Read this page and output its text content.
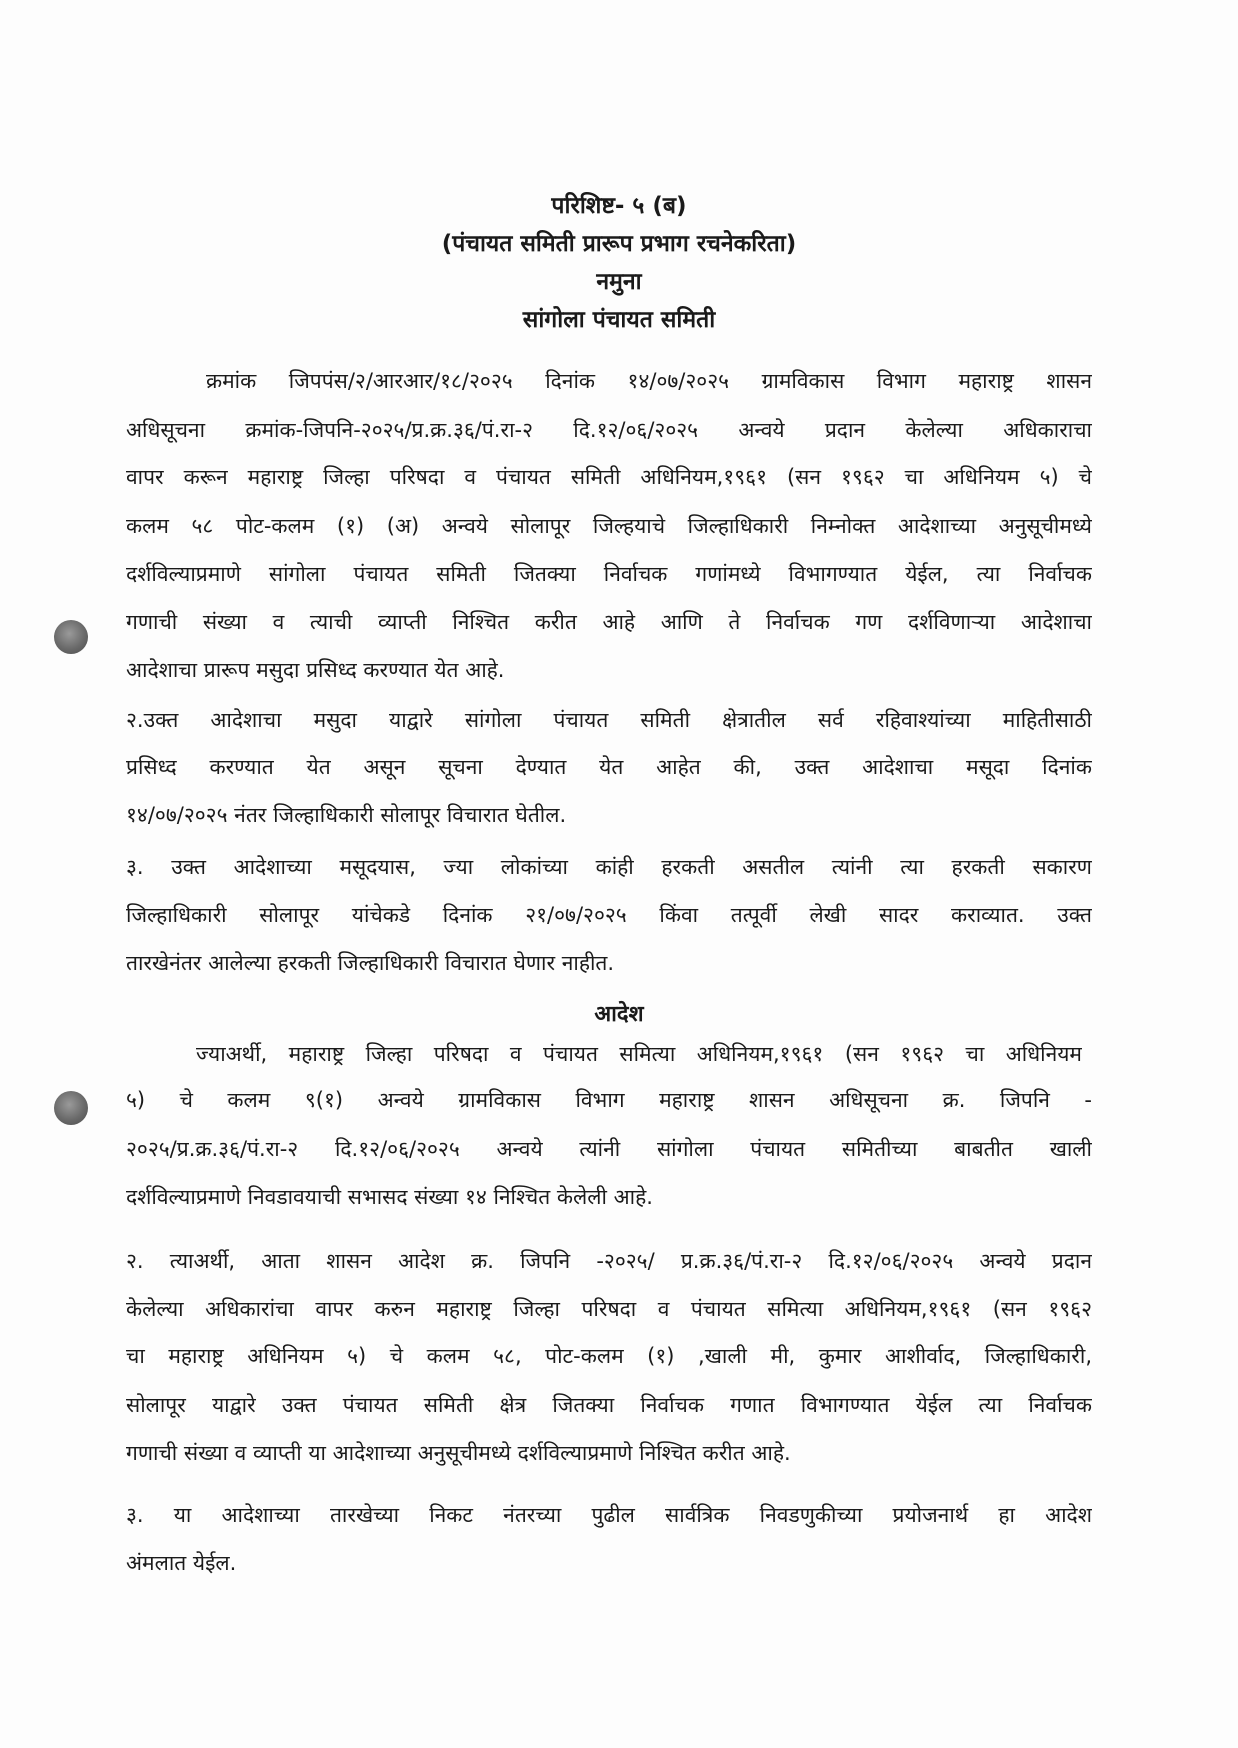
परिशिष्ट- ५ (ब)
(पंचायत समिती प्रारूप प्रभाग रचनेकरिता)
नमुना
सांगोला पंचायत समिती
क्रमांक जिपपंस/२/आरआर/१८/२०२५ दिनांक १४/०७/२०२५ ग्रामविकास विभाग महाराष्ट्र शासन
अधिसूचना क्रमांक-जिपनि-२०२५/प्र.क्र.३६/पं.रा-२ दि.१२/०६/२०२५ अन्वये प्रदान केलेल्या अधिकाराचा
वापर करून महाराष्ट्र जिल्हा परिषदा व पंचायत समिती अधिनियम,१९६१ (सन १९६२ चा अधिनियम ५) चे
कलम ५८ पोट-कलम (१) (अ) अन्वये सोलापूर जिल्हयाचे जिल्हाधिकारी निम्नोक्त आदेशाच्या अनुसूचीमध्ये
दर्शविल्याप्रमाणे सांगोला पंचायत समिती जितक्या निर्वाचक गणांमध्ये विभागण्यात येईल, त्या निर्वाचक
गणाची संख्या व त्याची व्याप्ती निश्चित करीत आहे आणि ते निर्वाचक गण दर्शविणाऱ्या आदेशाचा
आदेशाचा प्रारूप मसुदा प्रसिध्द करण्यात येत आहे.
२.उक्त आदेशाचा मसुदा याद्वारे सांगोला पंचायत समिती क्षेत्रातील सर्व रहिवाश्यांच्या माहितीसाठी
प्रसिध्द करण्यात येत असून सूचना देण्यात येत आहेत की, उक्त आदेशाचा मसूदा दिनांक
१४/०७/२०२५ नंतर जिल्हाधिकारी सोलापूर विचारात घेतील.
३. उक्त आदेशाच्या मसूदयास, ज्या लोकांच्या कांही हरकती असतील त्यांनी त्या हरकती सकारण
जिल्हाधिकारी सोलापूर यांचेकडे दिनांक २१/०७/२०२५ किंवा तत्पूर्वी लेखी सादर कराव्यात. उक्त
तारखेनंतर आलेल्या हरकती जिल्हाधिकारी विचारात घेणार नाहीत.
आदेश
ज्याअर्थी, महाराष्ट्र जिल्हा परिषदा व पंचायत समित्या अधिनियम,१९६१ (सन १९६२ चा अधिनियम
५) चे कलम ९(१) अन्वये ग्रामविकास विभाग महाराष्ट्र शासन अधिसूचना क्र. जिपनि -
२०२५/प्र.क्र.३६/पं.रा-२ दि.१२/०६/२०२५ अन्वये त्यांनी सांगोला पंचायत समितीच्या बाबतीत खाली
दर्शविल्याप्रमाणे निवडावयाची सभासद संख्या १४ निश्चित केलेली आहे.
२. त्याअर्थी, आता शासन आदेश क्र. जिपनि -२०२५/ प्र.क्र.३६/पं.रा-२ दि.१२/०६/२०२५ अन्वये प्रदान
केलेल्या अधिकारांचा वापर करुन महाराष्ट्र जिल्हा परिषदा व पंचायत समित्या अधिनियम,१९६१ (सन १९६२
चा महाराष्ट्र अधिनियम ५) चे कलम ५८, पोट-कलम (१) ,खाली मी, कुमार आशीर्वाद, जिल्हाधिकारी,
सोलापूर याद्वारे उक्त पंचायत समिती क्षेत्र जितक्या निर्वाचक गणात विभागण्यात येईल त्या निर्वाचक
गणाची संख्या व व्याप्ती या आदेशाच्या अनुसूचीमध्ये दर्शविल्याप्रमाणे निश्चित करीत आहे.
३. या आदेशाच्या तारखेच्या निकट नंतरच्या पुढील सार्वत्रिक निवडणुकीच्या प्रयोजनार्थ हा आदेश
अंमलात येईल.
